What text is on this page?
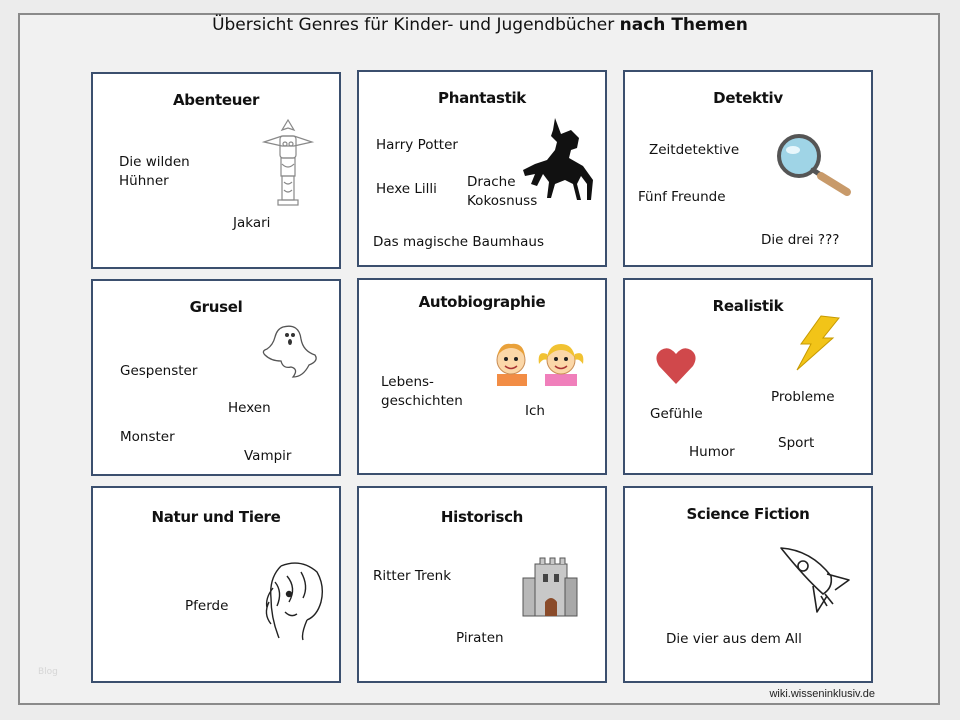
Übersicht Genres für Kinder- und Jugendbücher nach Themen
Abenteuer
Die wilden Hühner
Jakari
Phantastik
Harry Potter
Hexe Lilli Drache Kokosnuss
Das magische Baumhaus
Detektiv
Zeitdetektive
Fünf Freunde
Die drei ???
Grusel
Gespenster
Hexen
Monster
Vampir
Autobiographie
Lebens-geschichten
Ich
Realistik
Probleme
Gefühle
Sport
Humor
Natur und Tiere
Pferde
Historisch
Ritter Trenk
Piraten
Science Fiction
Die vier aus dem All
Blog
wiki.wisseninklusiv.de
